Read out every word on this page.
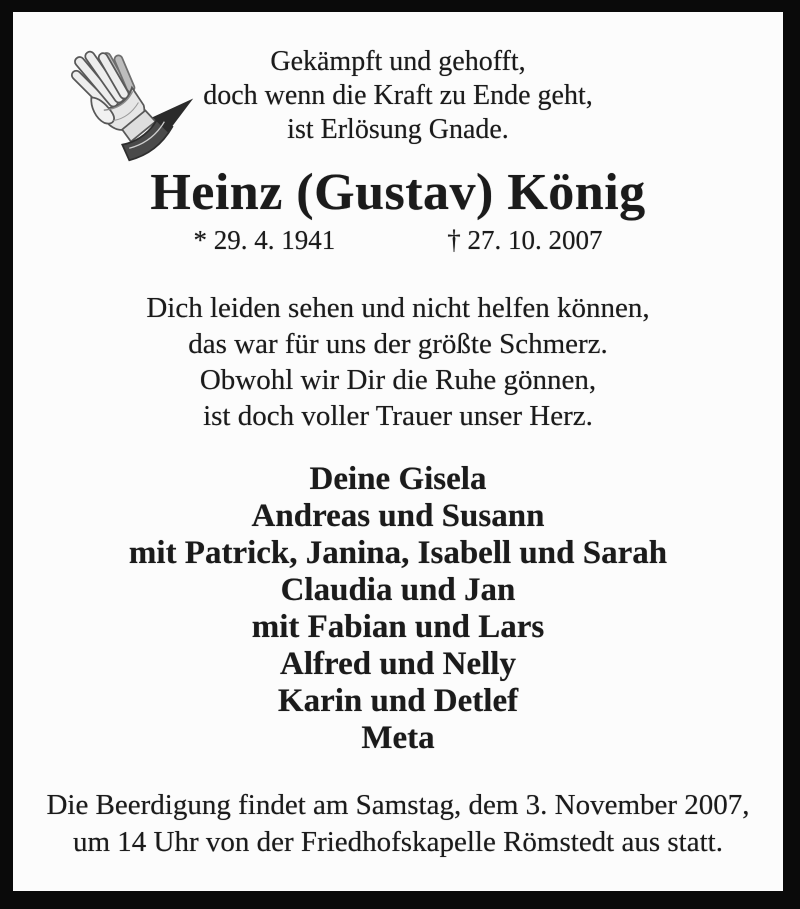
Gekämpft und gehofft,
doch wenn die Kraft zu Ende geht,
ist Erlösung Gnade.
Heinz (Gustav) König
* 29. 4. 1941	† 27. 10. 2007
Dich leiden sehen und nicht helfen können,
das war für uns der größte Schmerz.
Obwohl wir Dir die Ruhe gönnen,
ist doch voller Trauer unser Herz.
Deine Gisela
Andreas und Susann
mit Patrick, Janina, Isabell und Sarah
Claudia und Jan
mit Fabian und Lars
Alfred und Nelly
Karin und Detlef
Meta
Die Beerdigung findet am Samstag, dem 3. November 2007,
um 14 Uhr von der Friedhofskapelle Römstedt aus statt.
